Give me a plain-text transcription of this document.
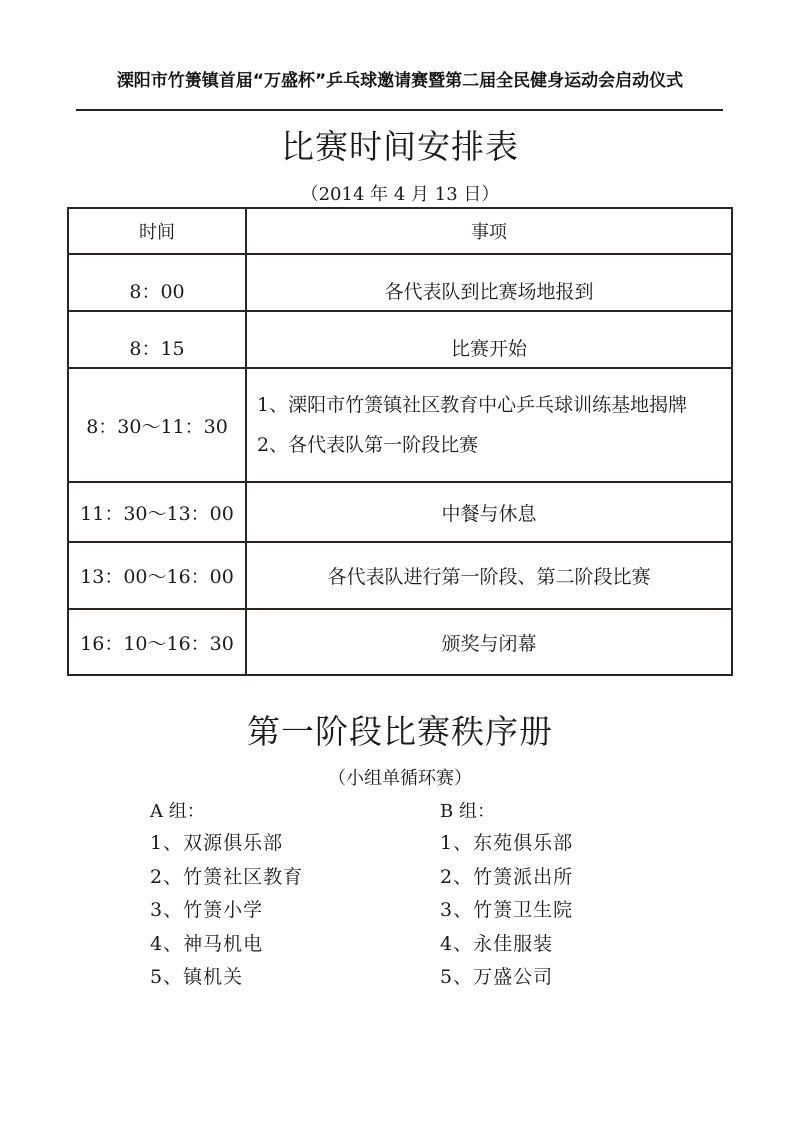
溧阳市竹箦镇首届“万盛杯”乒乓球邀请赛暨第二届全民健身运动会启动仪式
比赛时间安排表
（2014 年 4 月 13 日）
时间	事项
8：00	各代表队到比赛场地报到
8：15	比赛开始
8：30～11：30	1、溧阳市竹箦镇社区教育中心乒乓球训练基地揭牌
2、各代表队第一阶段比赛

11：30～13：00	中餐与休息
13：00～16：00	各代表队进行第一阶段、第二阶段比赛
16：10～16：30	颁奖与闭幕
第一阶段比赛秩序册
（小组单循环赛）
A 组：
1、双源俱乐部
2、竹箦社区教育
3、竹箦小学
4、神马机电
5、镇机关
B 组：
1、东苑俱乐部
2、竹箦派出所
3、竹箦卫生院
4、永佳服装
5、万盛公司
